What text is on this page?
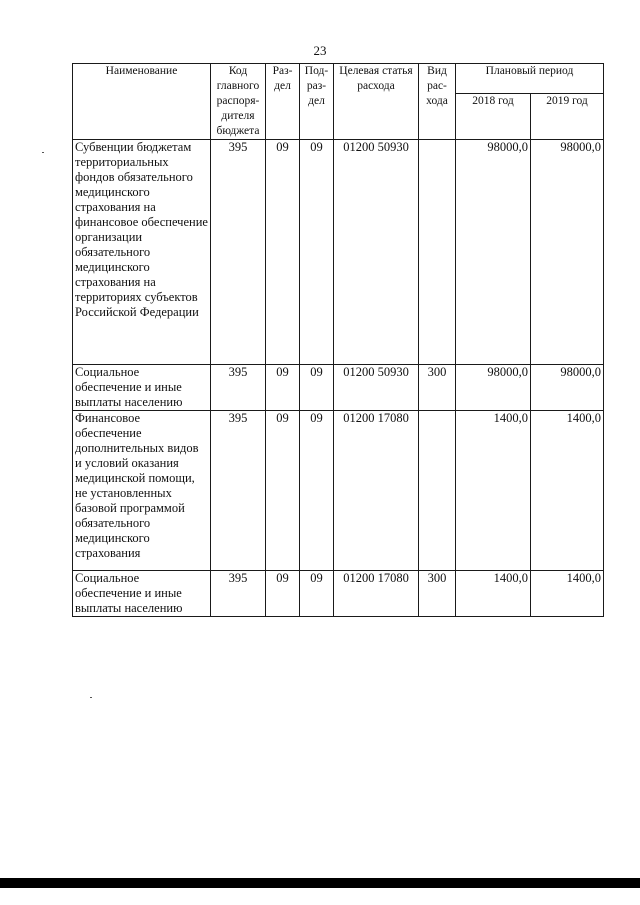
23
Наименование	Код главного распоря-дителя бюджета	Раз-дел	Под-раз-дел	Целевая статья расхода	Вид рас-хода	Плановый период	
						2018 год	2019 год
Субвенции бюджетам территориальных фондов обязательного медицинского страхования на финансовое обеспечение организации обязательного медицинского страхования на территориях субъектов Российской Федерации	395	09	09	01200 50930		98000,0	98000,0
Социальное обеспечение и иные выплаты населению	395	09	09	01200 50930	300	98000,0	98000,0
Финансовое обеспечение дополнительных видов и условий оказания медицинской помощи, не установленных базовой программой обязательного медицинского страхования	395	09	09	01200 17080		1400,0	1400,0
Социальное обеспечение и иные выплаты населению	395	09	09	01200 17080	300	1400,0	1400,0
